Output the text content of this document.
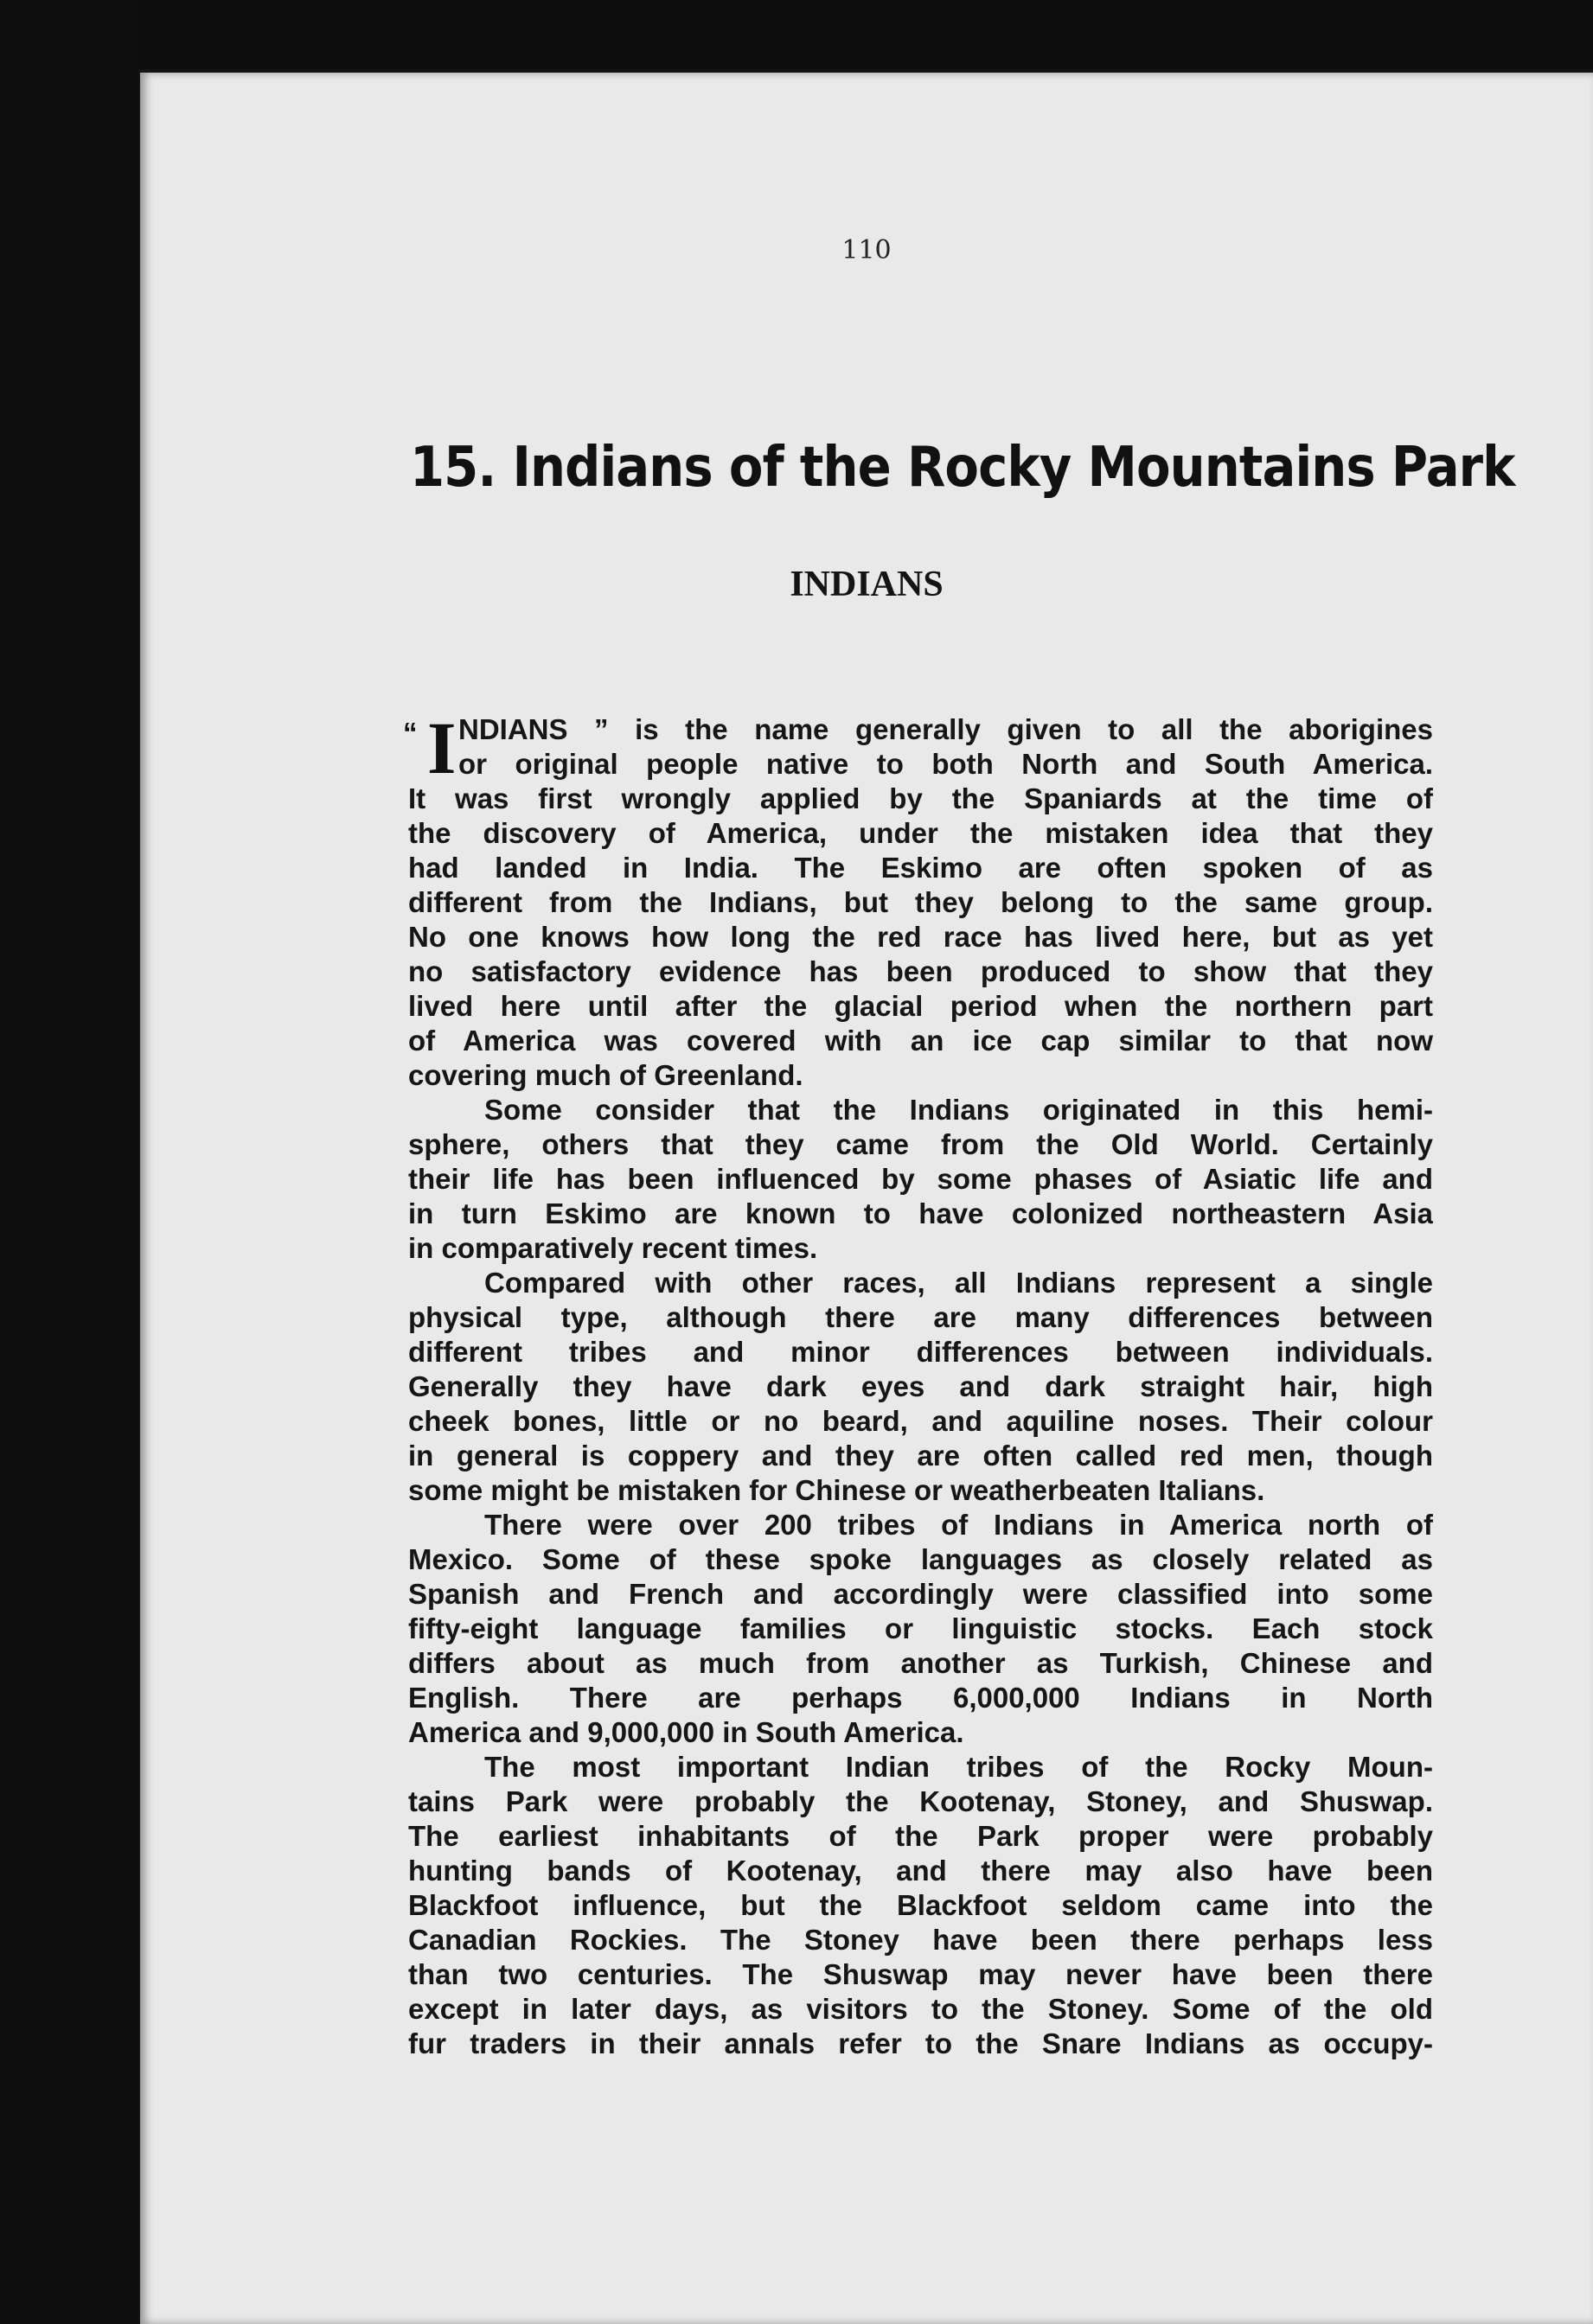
110
15. Indians of the Rocky Mountains Park
INDIANS
“ I NDIANS ” is the name generally given to all the aborigines
or original people native to both North and South America.
It was first wrongly applied by the Spaniards at the time of
the discovery of America, under the mistaken idea that they
had landed in India. The Eskimo are often spoken of as
different from the Indians, but they belong to the same group.
No one knows how long the red race has lived here, but as yet
no satisfactory evidence has been produced to show that they
lived here until after the glacial period when the northern part
of America was covered with an ice cap similar to that now
covering much of Greenland.
Some consider that the Indians originated in this hemi-
sphere, others that they came from the Old World. Certainly
their life has been influenced by some phases of Asiatic life and
in turn Eskimo are known to have colonized northeastern Asia
in comparatively recent times.
Compared with other races, all Indians represent a single
physical type, although there are many differences between
different tribes and minor differences between individuals.
Generally they have dark eyes and dark straight hair, high
cheek bones, little or no beard, and aquiline noses. Their colour
in general is coppery and they are often called red men, though
some might be mistaken for Chinese or weatherbeaten Italians.
There were over 200 tribes of Indians in America north of
Mexico. Some of these spoke languages as closely related as
Spanish and French and accordingly were classified into some
fifty-eight language families or linguistic stocks. Each stock
differs about as much from another as Turkish, Chinese and
English. There are perhaps 6,000,000 Indians in North
America and 9,000,000 in South America.
The most important Indian tribes of the Rocky Moun-
tains Park were probably the Kootenay, Stoney, and Shuswap.
The earliest inhabitants of the Park proper were probably
hunting bands of Kootenay, and there may also have been
Blackfoot influence, but the Blackfoot seldom came into the
Canadian Rockies. The Stoney have been there perhaps less
than two centuries. The Shuswap may never have been there
except in later days, as visitors to the Stoney. Some of the old
fur traders in their annals refer to the Snare Indians as occupy-
